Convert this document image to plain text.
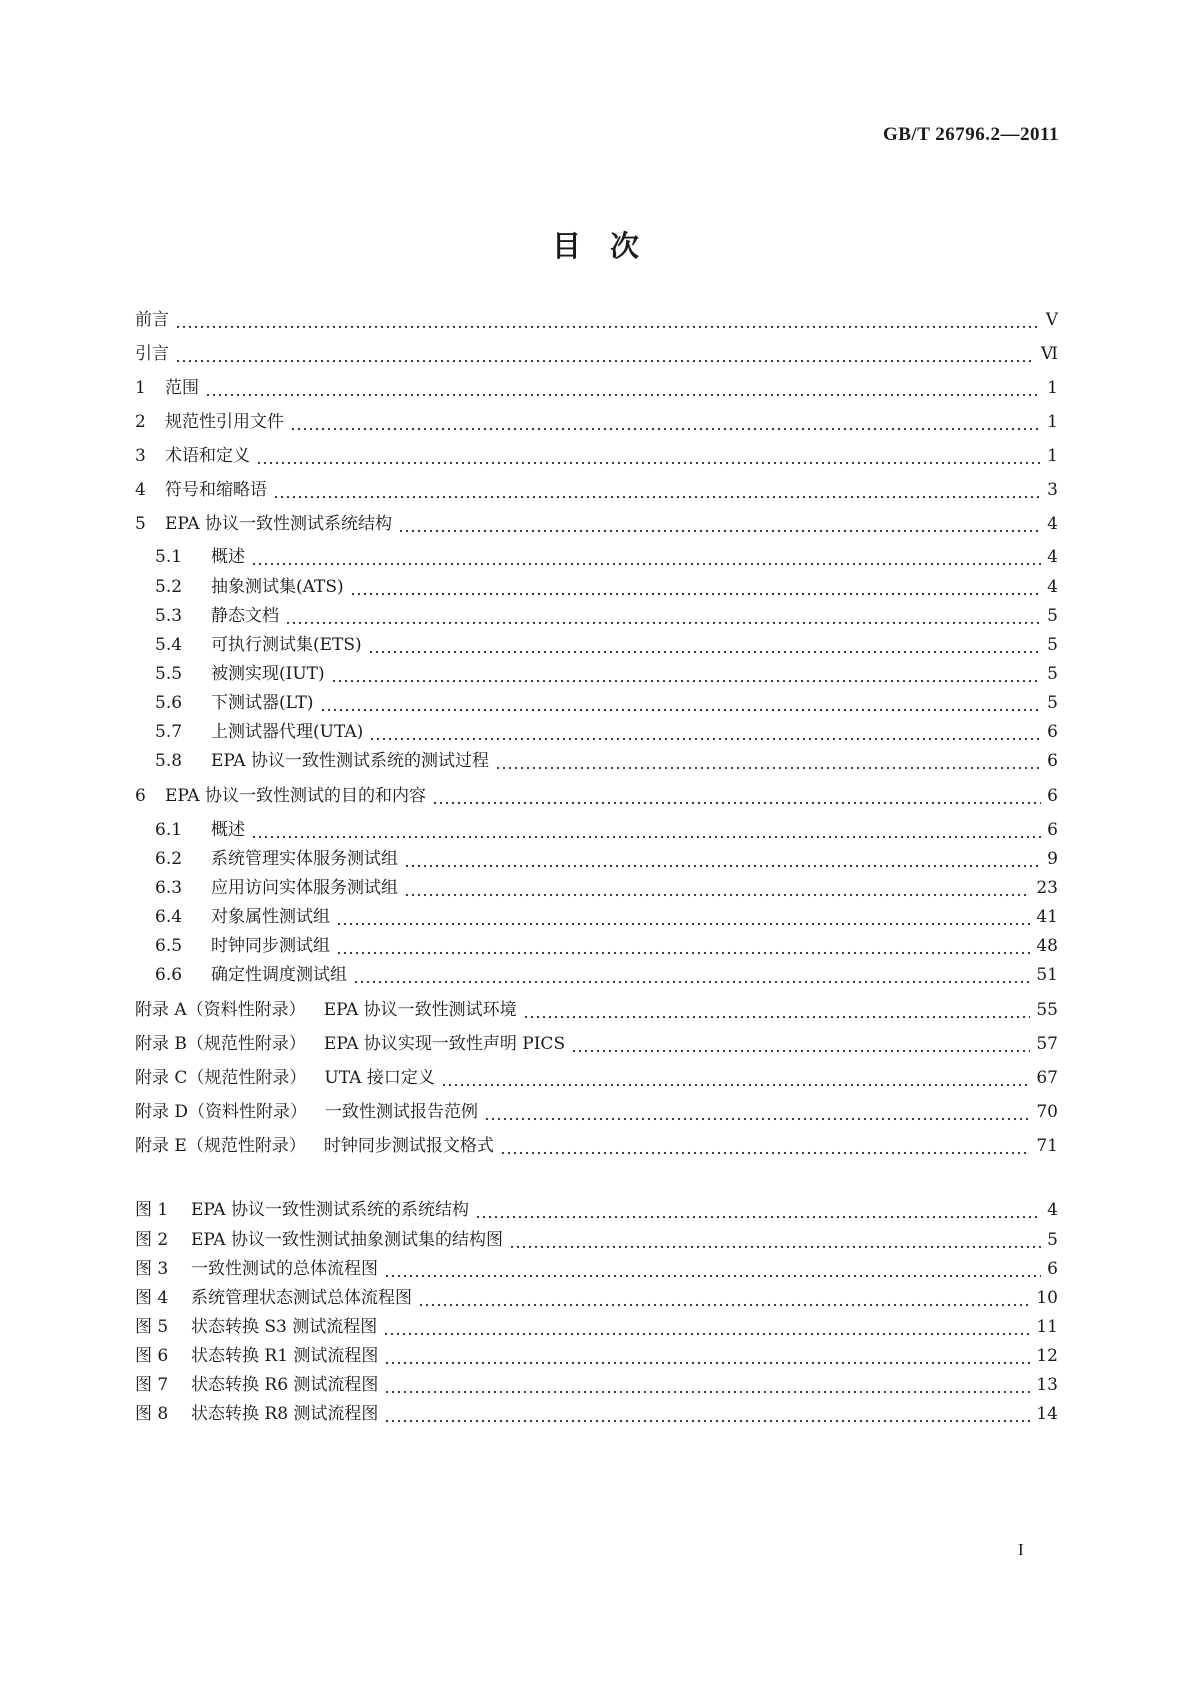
GB/T 26796.2—2011
目　次
前言	Ⅴ
引言	Ⅵ
1	范围	1
2	规范性引用文件	1
3	术语和定义	1
4	符号和缩略语	3
5	EPA 协议一致性测试系统结构	4
5.1	概述	4
5.2	抽象测试集(ATS)	4
5.3	静态文档	5
5.4	可执行测试集(ETS)	5
5.5	被测实现(IUT)	5
5.6	下测试器(LT)	5
5.7	上测试器代理(UTA)	6
5.8	EPA 协议一致性测试系统的测试过程	6
6	EPA 协议一致性测试的目的和内容	6
6.1	概述	6
6.2	系统管理实体服务测试组	9
6.3	应用访问实体服务测试组	23
6.4	对象属性测试组	41
6.5	时钟同步测试组	48
6.6	确定性调度测试组	51
附录 A（资料性附录） EPA 协议一致性测试环境	55
附录 B（规范性附录） EPA 协议实现一致性声明 PICS	57
附录 C（规范性附录） UTA 接口定义	67
附录 D（资料性附录） 一致性测试报告范例	70
附录 E（规范性附录） 时钟同步测试报文格式	71
图 1	EPA 协议一致性测试系统的系统结构	4
图 2	EPA 协议一致性测试抽象测试集的结构图	5
图 3	一致性测试的总体流程图	6
图 4	系统管理状态测试总体流程图	10
图 5	状态转换 S3 测试流程图	11
图 6	状态转换 R1 测试流程图	12
图 7	状态转换 R6 测试流程图	13
图 8	状态转换 R8 测试流程图	14
I
